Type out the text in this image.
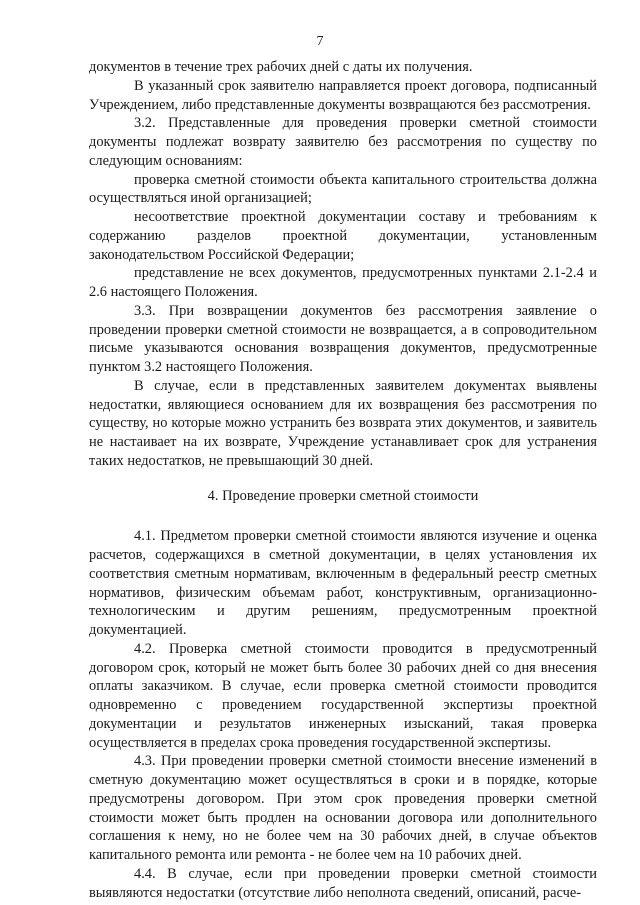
7

документов в течение трех рабочих дней с даты их получения.

В указанный срок заявителю направляется проект договора, подписанный Учреждением, либо представленные документы возвращаются без рассмотрения.

3.2. Представленные для проведения проверки сметной стоимости документы подлежат возврату заявителю без рассмотрения по существу по следующим основаниям:

проверка сметной стоимости объекта капитального строительства должна осуществляться иной организацией;

несоответствие проектной документации составу и требованиям к содержанию разделов проектной документации, установленным законодательством Российской Федерации;

представление не всех документов, предусмотренных пунктами 2.1-2.4 и 2.6 настоящего Положения.

3.3. При возвращении документов без рассмотрения заявление о проведении проверки сметной стоимости не возвращается, а в сопроводительном письме указываются основания возвращения документов, предусмотренные пунктом 3.2 настоящего Положения.

В случае, если в представленных заявителем документах выявлены недостатки, являющиеся основанием для их возвращения без рассмотрения по существу, но которые можно устранить без возврата этих документов, и заявитель не настаивает на их возврате, Учреждение устанавливает срок для устранения таких недостатков, не превышающий 30 дней.

4. Проведение проверки сметной стоимости

4.1. Предметом проверки сметной стоимости являются изучение и оценка расчетов, содержащихся в сметной документации, в целях установления их соответствия сметным нормативам, включенным в федеральный реестр сметных нормативов, физическим объемам работ, конструктивным, организационно-технологическим и другим решениям, предусмотренным проектной документацией.

4.2. Проверка сметной стоимости проводится в предусмотренный договором срок, который не может быть более 30 рабочих дней со дня внесения оплаты заказчиком. В случае, если проверка сметной стоимости проводится одновременно с проведением государственной экспертизы проектной документации и результатов инженерных изысканий, такая проверка осуществляется в пределах срока проведения государственной экспертизы.

4.3. При проведении проверки сметной стоимости внесение изменений в сметную документацию может осуществляться в сроки и в порядке, которые предусмотрены договором. При этом срок проведения проверки сметной стоимости может быть продлен на основании договора или дополнительного соглашения к нему, но не более чем на 30 рабочих дней, в случае объектов капитального ремонта или ремонта - не более чем на 10 рабочих дней.

4.4. В случае, если при проведении проверки сметной стоимости выявляются недостатки (отсутствие либо неполнота сведений, описаний, расче-
